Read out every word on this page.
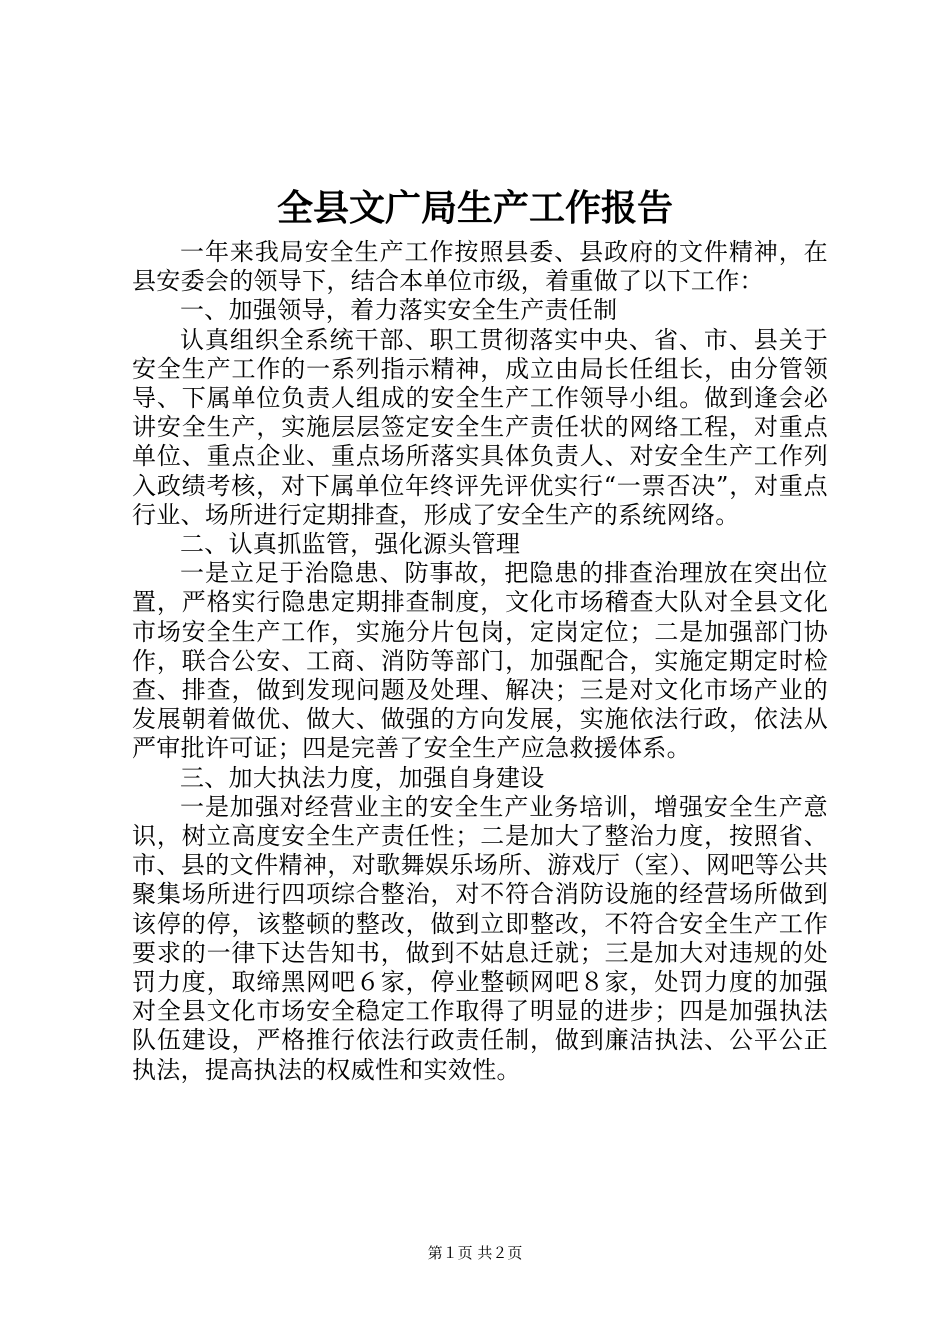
全县文广局生产工作报告

一年来我局安全生产工作按照县委、县政府的文件精神，在县安委会的领导下，结合本单位市级，着重做了以下工作：

一、加强领导，着力落实安全生产责任制

认真组织全系统干部、职工贯彻落实中央、省、市、县关于安全生产工作的一系列指示精神，成立由局长任组长，由分管领导、下属单位负责人组成的安全生产工作领导小组。做到逢会必讲安全生产，实施层层签定安全生产责任状的网络工程，对重点单位、重点企业、重点场所落实具体负责人、对安全生产工作列入政绩考核，对下属单位年终评先评优实行“一票否决”，对重点行业、场所进行定期排查，形成了安全生产的系统网络。

二、认真抓监管，强化源头管理

一是立足于治隐患、防事故，把隐患的排查治理放在突出位置，严格实行隐患定期排查制度，文化市场稽查大队对全县文化市场安全生产工作，实施分片包岗，定岗定位；二是加强部门协作，联合公安、工商、消防等部门，加强配合，实施定期定时检查、排查，做到发现问题及处理、解决；三是对文化市场产业的发展朝着做优、做大、做强的方向发展，实施依法行政，依法从严审批许可证；四是完善了安全生产应急救援体系。

三、加大执法力度，加强自身建设

一是加强对经营业主的安全生产业务培训，增强安全生产意识，树立高度安全生产责任性；二是加大了整治力度，按照省、市、县的文件精神，对歌舞娱乐场所、游戏厅（室）、网吧等公共聚集场所进行四项综合整治，对不符合消防设施的经营场所做到该停的停，该整顿的整改，做到立即整改，不符合安全生产工作要求的一律下达告知书，做到不姑息迁就；三是加大对违规的处罚力度，取缔黑网吧６家，停业整顿网吧８家，处罚力度的加强对全县文化市场安全稳定工作取得了明显的进步；四是加强执法队伍建设，严格推行依法行政责任制，做到廉洁执法、公平公正执法，提高执法的权威性和实效性。

第１页 共２页
